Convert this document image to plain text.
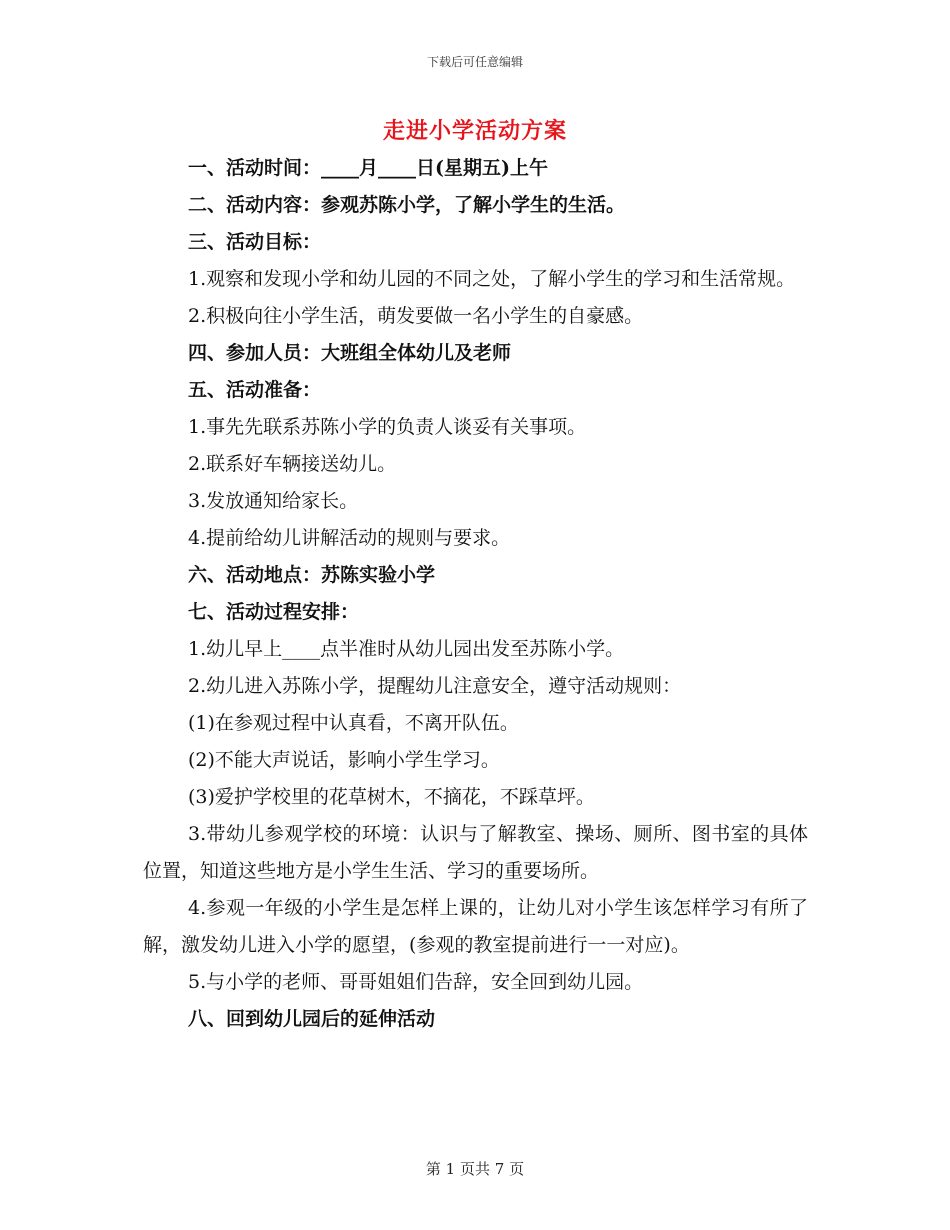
下载后可任意编辑
走进小学活动方案
一、活动时间：____月____日(星期五)上午
二、活动内容：参观苏陈小学，了解小学生的生活。
三、活动目标：
1.观察和发现小学和幼儿园的不同之处，了解小学生的学习和生活常规。
2.积极向往小学生活，萌发要做一名小学生的自豪感。
四、参加人员：大班组全体幼儿及老师
五、活动准备：
1.事先先联系苏陈小学的负责人谈妥有关事项。
2.联系好车辆接送幼儿。
3.发放通知给家长。
4.提前给幼儿讲解活动的规则与要求。
六、活动地点：苏陈实验小学
七、活动过程安排：
1.幼儿早上____点半准时从幼儿园出发至苏陈小学。
2.幼儿进入苏陈小学，提醒幼儿注意安全，遵守活动规则：
(1)在参观过程中认真看，不离开队伍。
(2)不能大声说话，影响小学生学习。
(3)爱护学校里的花草树木，不摘花，不踩草坪。
3.带幼儿参观学校的环境：认识与了解教室、操场、厕所、图书室的具体位置，知道这些地方是小学生生活、学习的重要场所。
4.参观一年级的小学生是怎样上课的，让幼儿对小学生该怎样学习有所了解，激发幼儿进入小学的愿望，(参观的教室提前进行一一对应)。
5.与小学的老师、哥哥姐姐们告辞，安全回到幼儿园。
八、回到幼儿园后的延伸活动
第 1 页共 7 页
